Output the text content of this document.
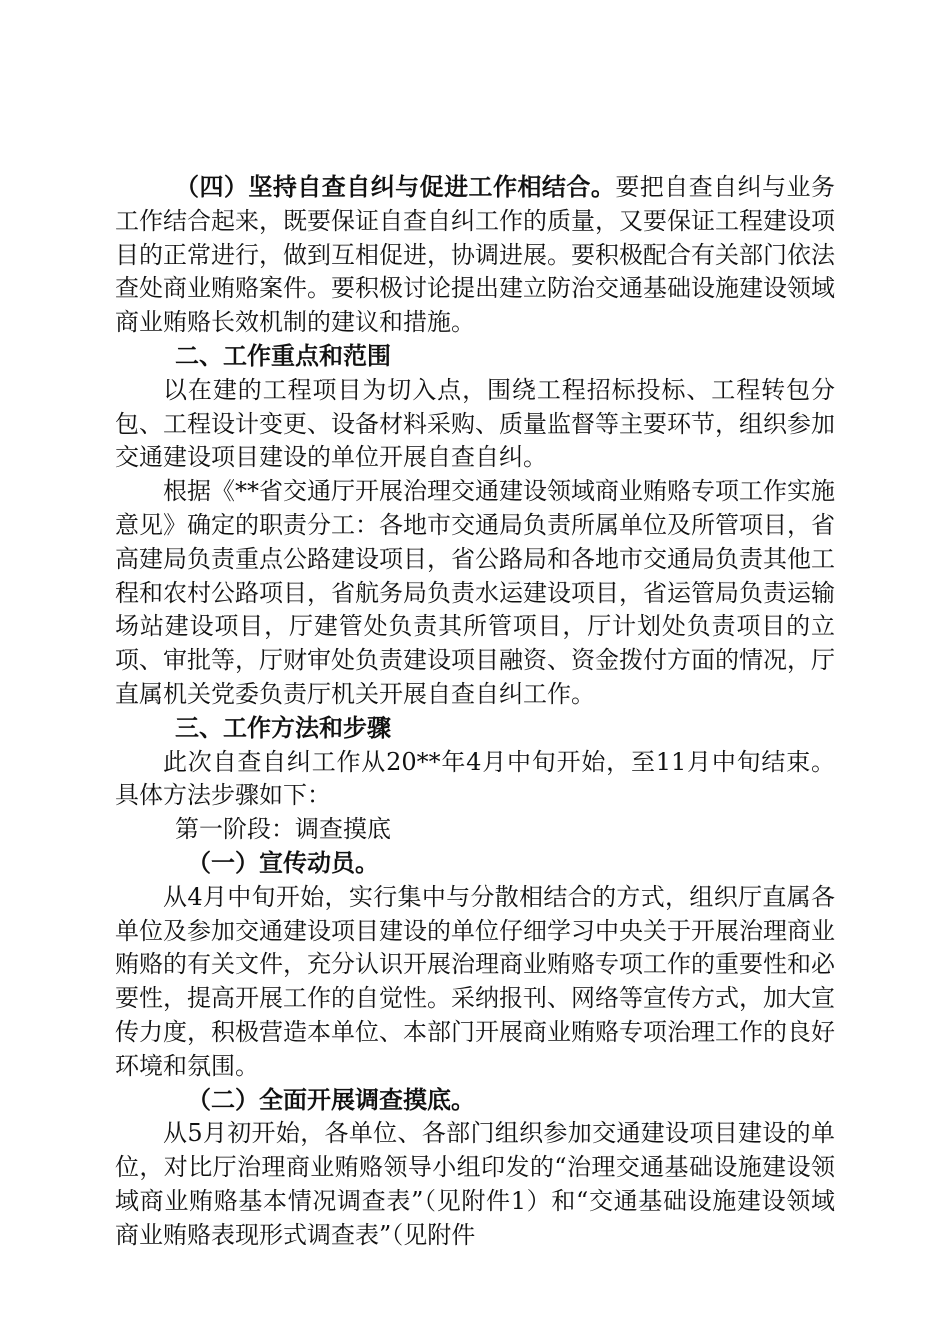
（四）坚持自查自纠与促进工作相结合。要把自查自纠与业务工作结合起来，既要保证自查自纠工作的质量，又要保证工程建设项目的正常进行，做到互相促进，协调进展。要积极配合有关部门依法查处商业贿赂案件。要积极讨论提出建立防治交通基础设施建设领域商业贿赂长效机制的建议和措施。

二、工作重点和范围

以在建的工程项目为切入点，围绕工程招标投标、工程转包分包、工程设计变更、设备材料采购、质量监督等主要环节，组织参加交通建设项目建设的单位开展自查自纠。

根据《**省交通厅开展治理交通建设领域商业贿赂专项工作实施意见》确定的职责分工：各地市交通局负责所属单位及所管项目，省高建局负责重点公路建设项目，省公路局和各地市交通局负责其他工程和农村公路项目，省航务局负责水运建设项目，省运管局负责运输场站建设项目，厅建管处负责其所管项目，厅计划处负责项目的立项、审批等，厅财审处负责建设项目融资、资金拨付方面的情况，厅直属机关党委负责厅机关开展自查自纠工作。

三、工作方法和步骤

此次自查自纠工作从20**年4月中旬开始，至11月中旬结束。具体方法步骤如下：

第一阶段：调查摸底

（一）宣传动员。

从4月中旬开始，实行集中与分散相结合的方式，组织厅直属各单位及参加交通建设项目建设的单位仔细学习中央关于开展治理商业贿赂的有关文件，充分认识开展治理商业贿赂专项工作的重要性和必要性，提高开展工作的自觉性。采纳报刊、网络等宣传方式，加大宣传力度，积极营造本单位、本部门开展商业贿赂专项治理工作的良好环境和氛围。

（二）全面开展调查摸底。

从5月初开始，各单位、各部门组织参加交通建设项目建设的单位，对比厅治理商业贿赂领导小组印发的“治理交通基础设施建设领域商业贿赂基本情况调查表”（见附件1）和“交通基础设施建设领域商业贿赂表现形式调查表”（见附件
